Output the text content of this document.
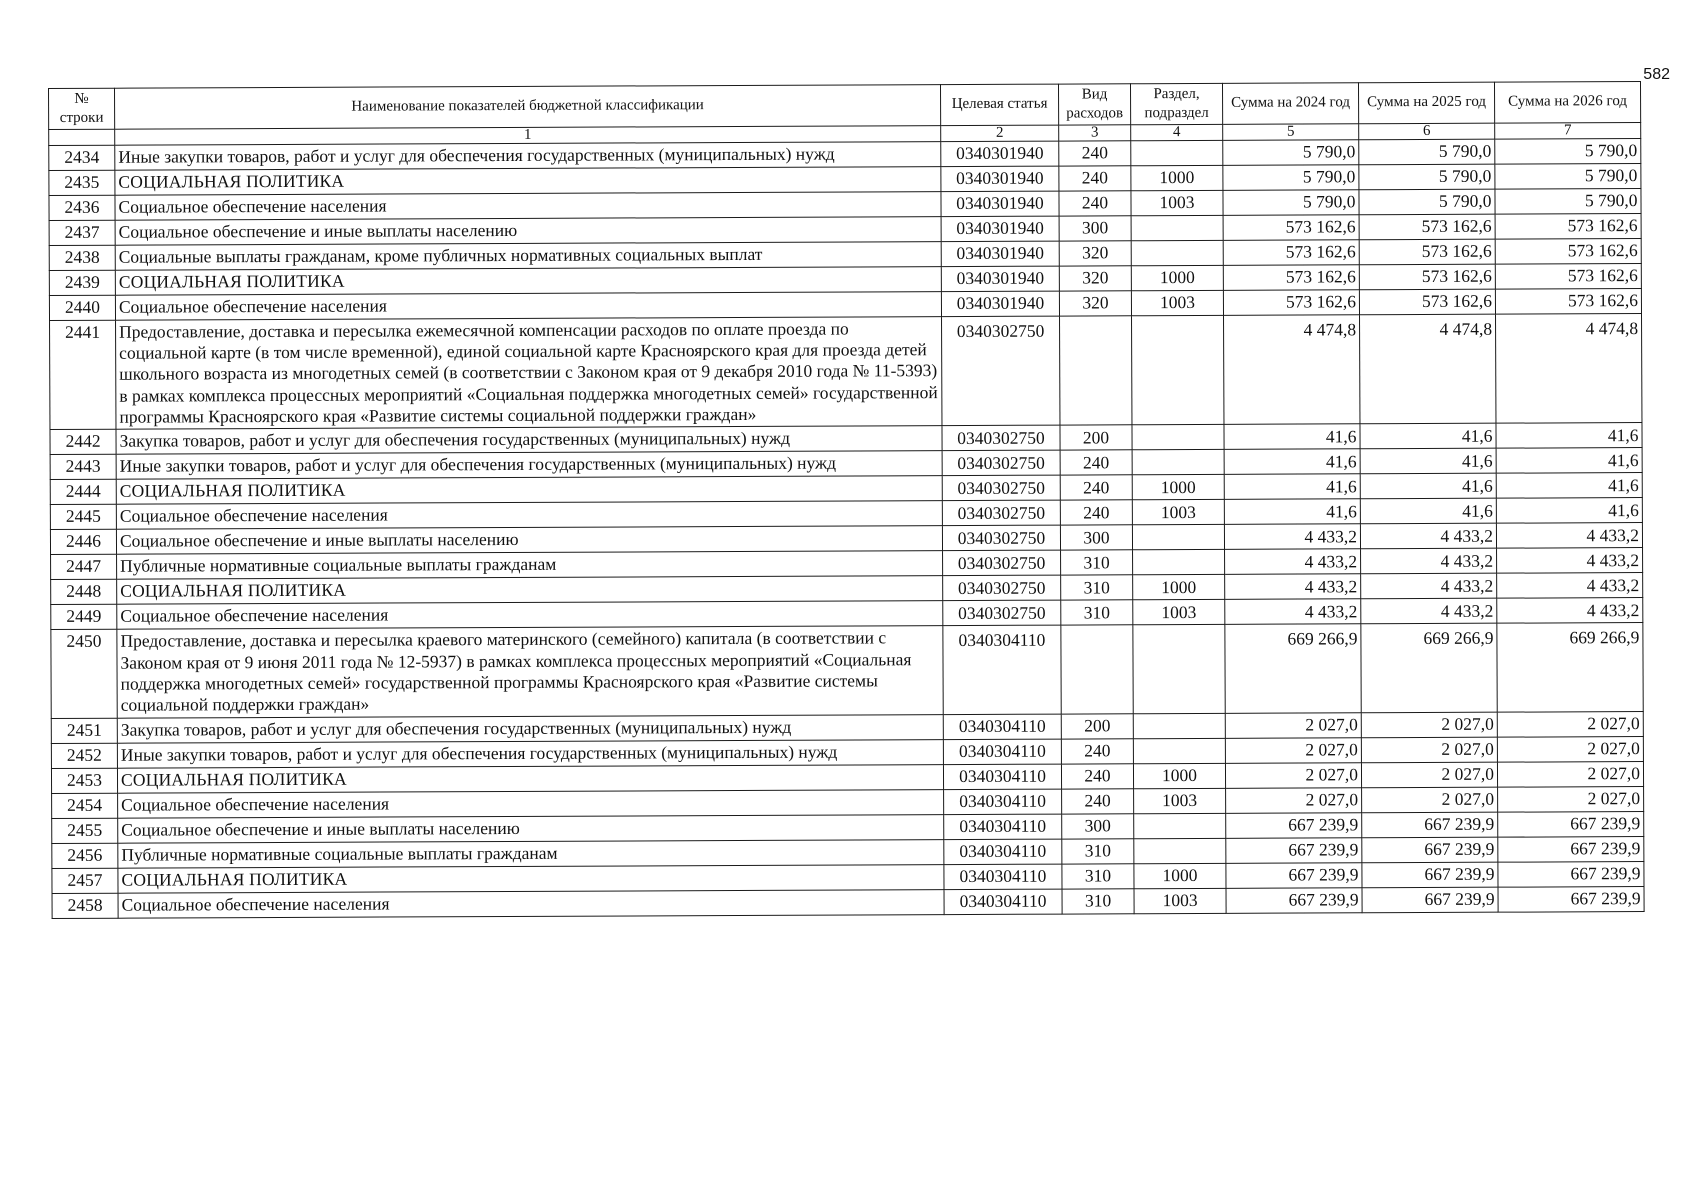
582
№ строки	Наименование показателей бюджетной классификации	Целевая статья	Вид расходов	Раздел, подраздел	Сумма на 2024 год	Сумма на 2025 год	Сумма на 2026 год
	1	2	3	4	5	6	7
2434	Иные закупки товаров, работ и услуг для обеспечения государственных (муниципальных) нужд	0340301940	240		5 790,0	5 790,0	5 790,0
2435	СОЦИАЛЬНАЯ ПОЛИТИКА	0340301940	240	1000	5 790,0	5 790,0	5 790,0
2436	Социальное обеспечение населения	0340301940	240	1003	5 790,0	5 790,0	5 790,0
2437	Социальное обеспечение и иные выплаты населению	0340301940	300		573 162,6	573 162,6	573 162,6
2438	Социальные выплаты гражданам, кроме публичных нормативных социальных выплат	0340301940	320		573 162,6	573 162,6	573 162,6
2439	СОЦИАЛЬНАЯ ПОЛИТИКА	0340301940	320	1000	573 162,6	573 162,6	573 162,6
2440	Социальное обеспечение населения	0340301940	320	1003	573 162,6	573 162,6	573 162,6
2441	Предоставление, доставка и пересылка ежемесячной компенсации расходов по оплате проезда по социальной карте (в том числе временной), единой социальной карте Красноярского края для проезда детей школьного возраста из многодетных семей (в соответствии с Законом края от 9 декабря 2010 года № 11-5393) в рамках комплекса процессных мероприятий «Социальная поддержка многодетных семей» государственной программы Красноярского края «Развитие системы социальной поддержки граждан»	0340302750			4 474,8	4 474,8	4 474,8
2442	Закупка товаров, работ и услуг для обеспечения государственных (муниципальных) нужд	0340302750	200		41,6	41,6	41,6
2443	Иные закупки товаров, работ и услуг для обеспечения государственных (муниципальных) нужд	0340302750	240		41,6	41,6	41,6
2444	СОЦИАЛЬНАЯ ПОЛИТИКА	0340302750	240	1000	41,6	41,6	41,6
2445	Социальное обеспечение населения	0340302750	240	1003	41,6	41,6	41,6
2446	Социальное обеспечение и иные выплаты населению	0340302750	300		4 433,2	4 433,2	4 433,2
2447	Публичные нормативные социальные выплаты гражданам	0340302750	310		4 433,2	4 433,2	4 433,2
2448	СОЦИАЛЬНАЯ ПОЛИТИКА	0340302750	310	1000	4 433,2	4 433,2	4 433,2
2449	Социальное обеспечение населения	0340302750	310	1003	4 433,2	4 433,2	4 433,2
2450	Предоставление, доставка и пересылка краевого материнского (семейного) капитала (в соответствии с Законом края от 9 июня 2011 года № 12-5937) в рамках комплекса процессных мероприятий «Социальная поддержка многодетных семей» государственной программы Красноярского края «Развитие системы социальной поддержки граждан»	0340304110			669 266,9	669 266,9	669 266,9
2451	Закупка товаров, работ и услуг для обеспечения государственных (муниципальных) нужд	0340304110	200		2 027,0	2 027,0	2 027,0
2452	Иные закупки товаров, работ и услуг для обеспечения государственных (муниципальных) нужд	0340304110	240		2 027,0	2 027,0	2 027,0
2453	СОЦИАЛЬНАЯ ПОЛИТИКА	0340304110	240	1000	2 027,0	2 027,0	2 027,0
2454	Социальное обеспечение населения	0340304110	240	1003	2 027,0	2 027,0	2 027,0
2455	Социальное обеспечение и иные выплаты населению	0340304110	300		667 239,9	667 239,9	667 239,9
2456	Публичные нормативные социальные выплаты гражданам	0340304110	310		667 239,9	667 239,9	667 239,9
2457	СОЦИАЛЬНАЯ ПОЛИТИКА	0340304110	310	1000	667 239,9	667 239,9	667 239,9
2458	Социальное обеспечение населения	0340304110	310	1003	667 239,9	667 239,9	667 239,9
